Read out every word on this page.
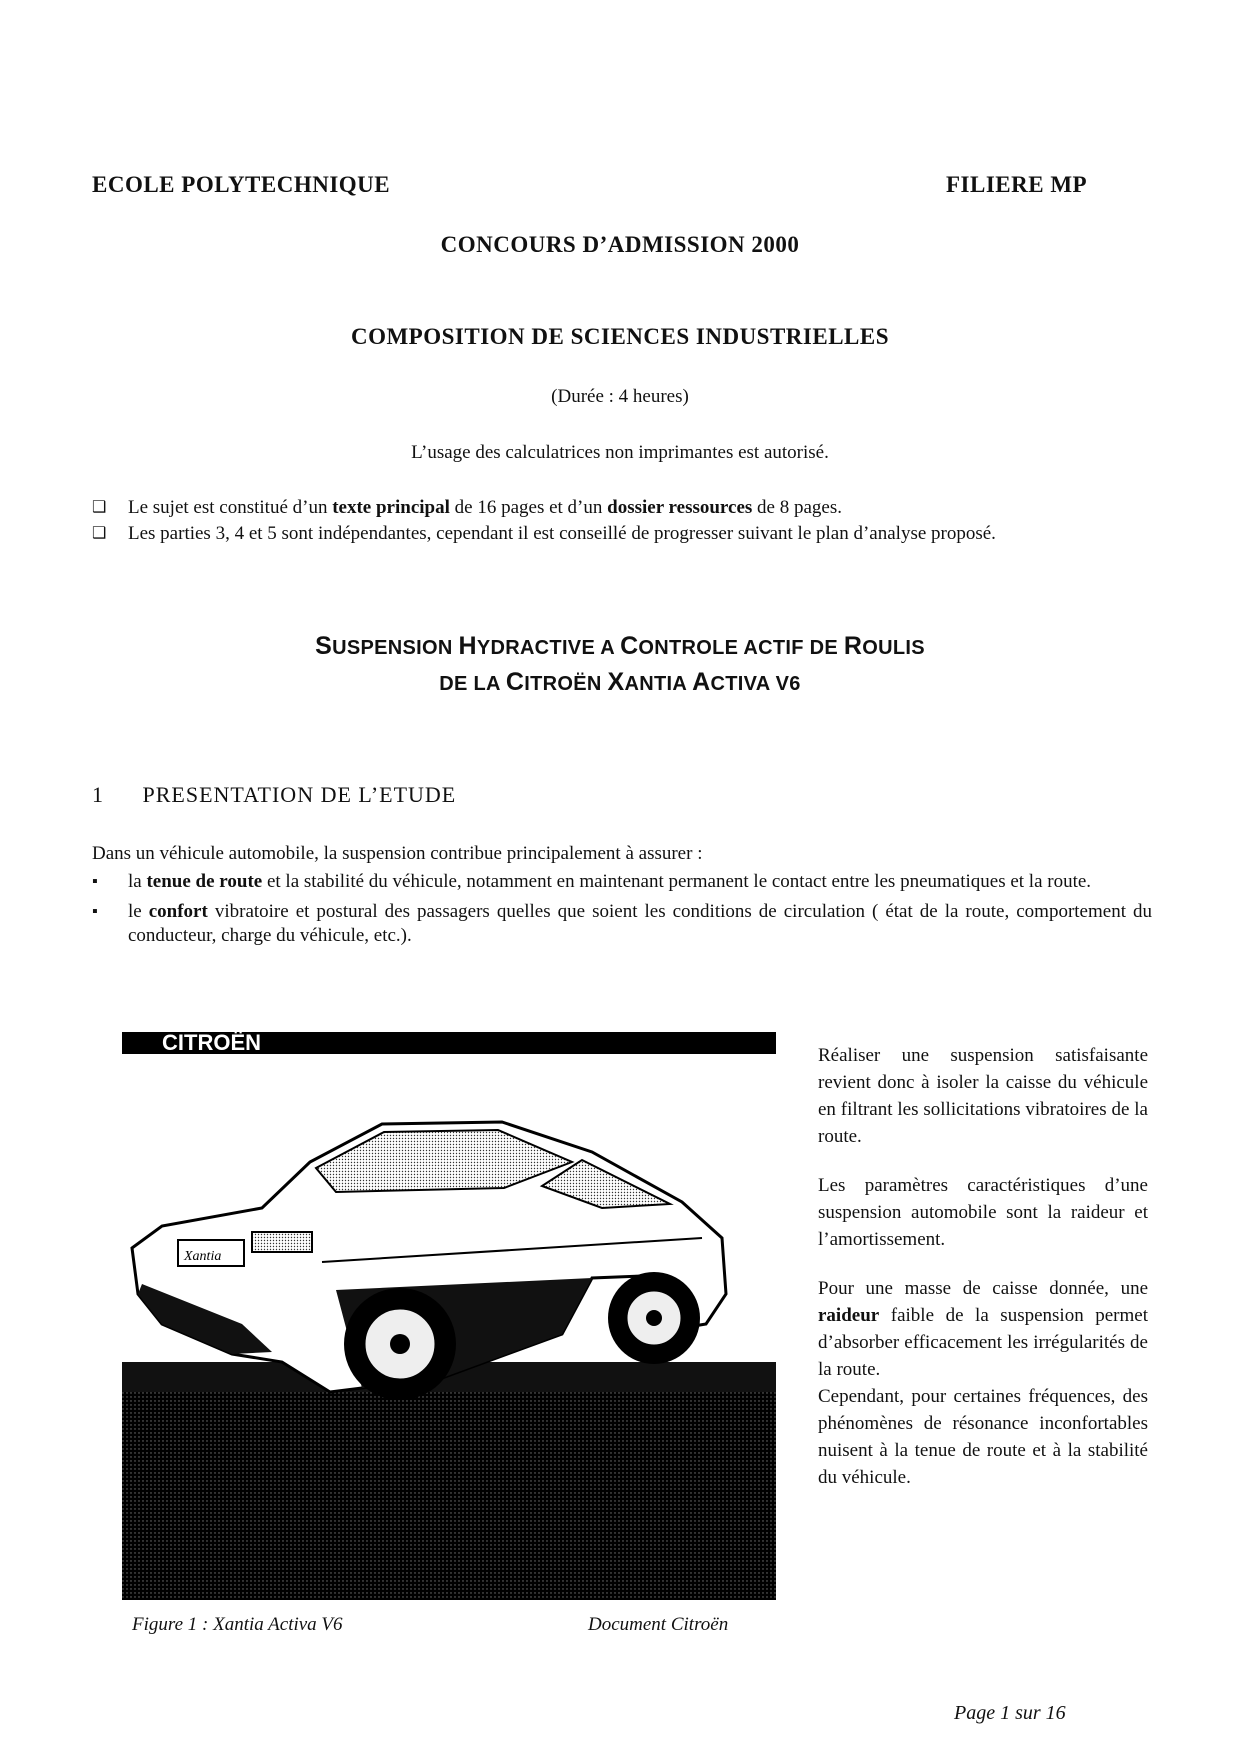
ECOLE POLYTECHNIQUE	FILIERE MP
CONCOURS D’ADMISSION 2000
COMPOSITION DE SCIENCES INDUSTRIELLES
(Durée : 4 heures)
L’usage des calculatrices non imprimantes est autorisé.
❑	Le sujet est constitué d’un texte principal de 16 pages et d’un dossier ressources de 8 pages.
❑	Les parties 3, 4 et 5 sont indépendantes, cependant il est conseillé de progresser suivant le plan d’analyse proposé.
SUSPENSION HYDRACTIVE A CONTROLE ACTIF DE ROULIS
DE LA CITROËN XANTIA ACTIVA V6
1 PRESENTATION DE L’ETUDE
Dans un véhicule automobile, la suspension contribue principalement à assurer :
▪	la tenue de route et la stabilité du véhicule, notamment en maintenant permanent le contact entre les pneumatiques et la route.
▪	le confort vibratoire et postural des passagers quelles que soient les conditions de circulation ( état de la route, comportement du conducteur, charge du véhicule, etc.).
CITROËN
Xantia
Figure 1 : Xantia Activa V6	Document Citroën

Réaliser une suspension satisfaisante revient donc à isoler la caisse du véhicule en filtrant les sollicitations vibratoires de la route.

Les paramètres caractéristiques d’une suspension automobile sont la raideur et l’amortissement.

Pour une masse de caisse donnée, une raideur faible de la suspension permet d’absorber efficacement les irrégularités de la route.

Cependant, pour certaines fréquences, des phénomènes de résonance inconfortables nuisent à la tenue de route et à la stabilité du véhicule.

Page 1 sur 16
